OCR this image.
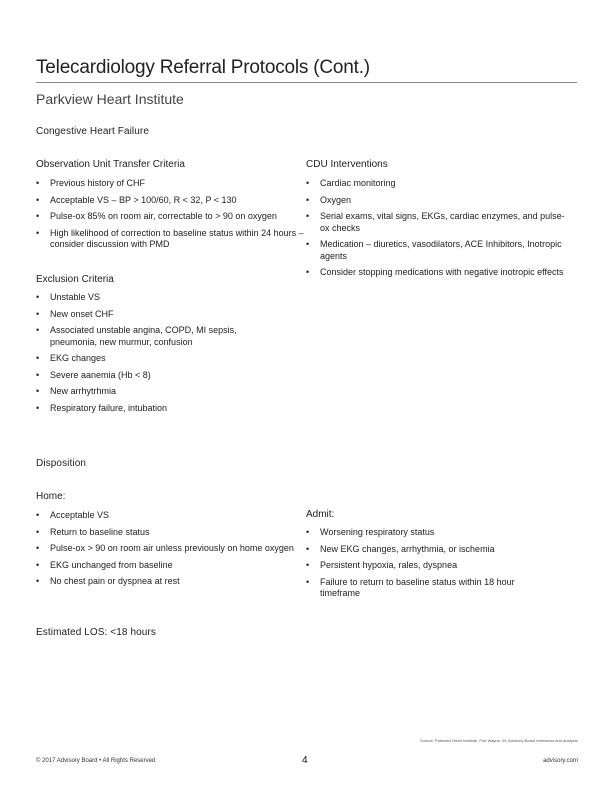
Telecardiology Referral Protocols (Cont.)
Parkview Heart Institute
Congestive Heart Failure
Observation Unit Transfer Criteria
• Previous history of CHF
• Acceptable VS – BP > 100/60, R < 32, P < 130
• Pulse-ox 85% on room air, correctable to > 90 on oxygen
• High likelihood of correction to baseline status within 24 hours – consider discussion with PMD
Exclusion Criteria
• Unstable VS
• New onset CHF
• Associated unstable angina, COPD, MI sepsis, pneumonia, new murmur, confusion
• EKG changes
• Severe aanemia (Hb < 8)
• New arrhytrhmia
• Respiratory failure, intubation
CDU Interventions
• Cardiac monitoring
• Oxygen
• Serial exams, vital signs, EKGs, cardiac enzymes, and pulse-ox checks
• Medication – diuretics, vasodilators, ACE Inhibitors, Inotropic agents
• Consider stopping medications with negative inotropic effects
Disposition
Home:
• Acceptable VS
• Return to baseline status
• Pulse-ox > 90 on room air unless previously on home oxygen
• EKG unchanged from baseline
• No chest pain or dyspnea at rest
Admit:
• Worsening respiratory status
• New EKG changes, arrhythmia, or ischemia
• Persistent hypoxia, rales, dyspnea
• Failure to return to baseline status within 18 hour timeframe
Estimated LOS: <18 hours
Source: Parkview Heart Institute, Fort Wayne, IN; Advisory Board interviews and analysis.
© 2017 Advisory Board • All Rights Reserved	4	advisory.com
